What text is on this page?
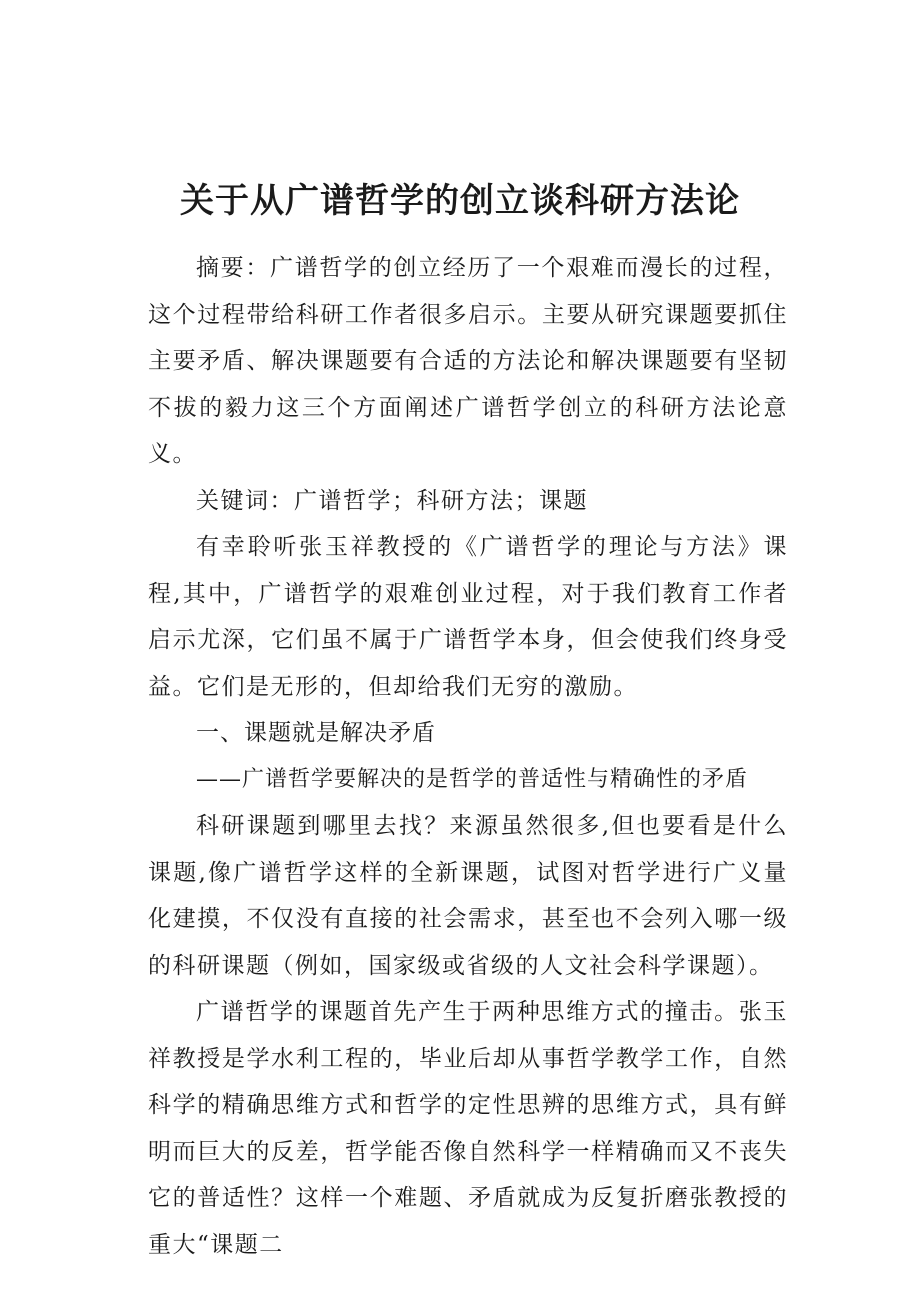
关于从广谱哲学的创立谈科研方法论

摘要：广谱哲学的创立经历了一个艰难而漫长的过程，这个过程带给科研工作者很多启示。主要从研究课题要抓住主要矛盾、解决课题要有合适的方法论和解决课题要有坚韧不拔的毅力这三个方面阐述广谱哲学创立的科研方法论意义。

关键词：广谱哲学；科研方法；课题

有幸聆听张玉祥教授的《广谱哲学的理论与方法》课程,其中，广谱哲学的艰难创业过程，对于我们教育工作者启示尤深，它们虽不属于广谱哲学本身，但会使我们终身受益。它们是无形的，但却给我们无穷的激励。

一、课题就是解决矛盾

——广谱哲学要解决的是哲学的普适性与精确性的矛盾

科研课题到哪里去找？来源虽然很多,但也要看是什么课题,像广谱哲学这样的全新课题，试图对哲学进行广义量化建摸，不仅没有直接的社会需求，甚至也不会列入哪一级的科研课题（例如，国家级或省级的人文社会科学课题）。

广谱哲学的课题首先产生于两种思维方式的撞击。张玉祥教授是学水利工程的，毕业后却从事哲学教学工作，自然科学的精确思维方式和哲学的定性思辨的思维方式，具有鲜明而巨大的反差，哲学能否像自然科学一样精确而又不丧失它的普适性？这样一个难题、矛盾就成为反复折磨张教授的重大“课题二
